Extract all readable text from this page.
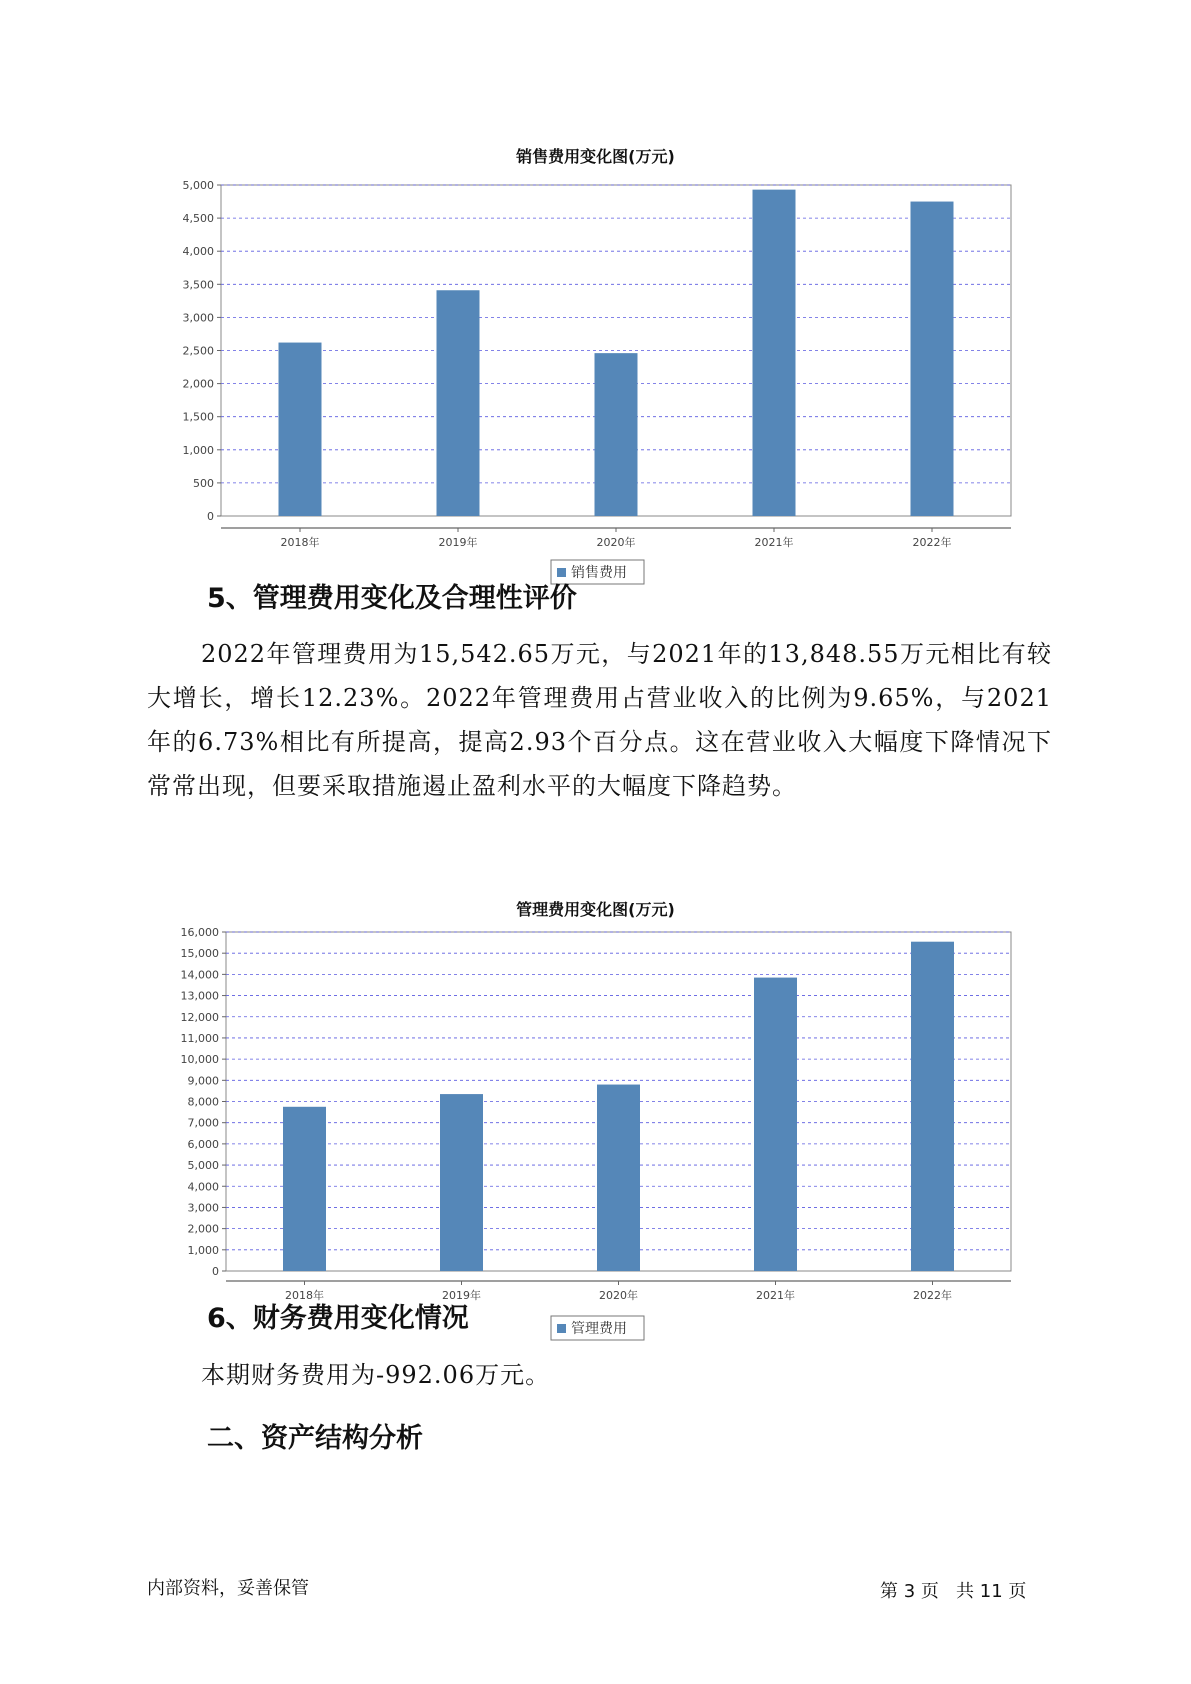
销售费用变化图(万元)
0
500
1,000
1,500
2,000
2,500
3,000
3,500
4,000
4,500
5,000
2018年	2019年	2020年	2021年	2022年
销售费用
5、管理费用变化及合理性评价
2022年管理费用为15,542.65万元，与2021年的13,848.55万元相比有较大增长，增长12.23%。2022年管理费用占营业收入的比例为9.65%，与2021年的6.73%相比有所提高，提高2.93个百分点。这在营业收入大幅度下降情况下常常出现，但要采取措施遏止盈利水平的大幅度下降趋势。
管理费用变化图(万元)
0
1,000
2,000
3,000
4,000
5,000
6,000
7,000
8,000
9,000
10,000
11,000
12,000
13,000
14,000
15,000
16,000
2018年	2019年	2020年	2021年	2022年
管理费用
6、财务费用变化情况
本期财务费用为-992.06万元。
二、资产结构分析
内部资料，妥善保管	第 3 页   共 11 页
